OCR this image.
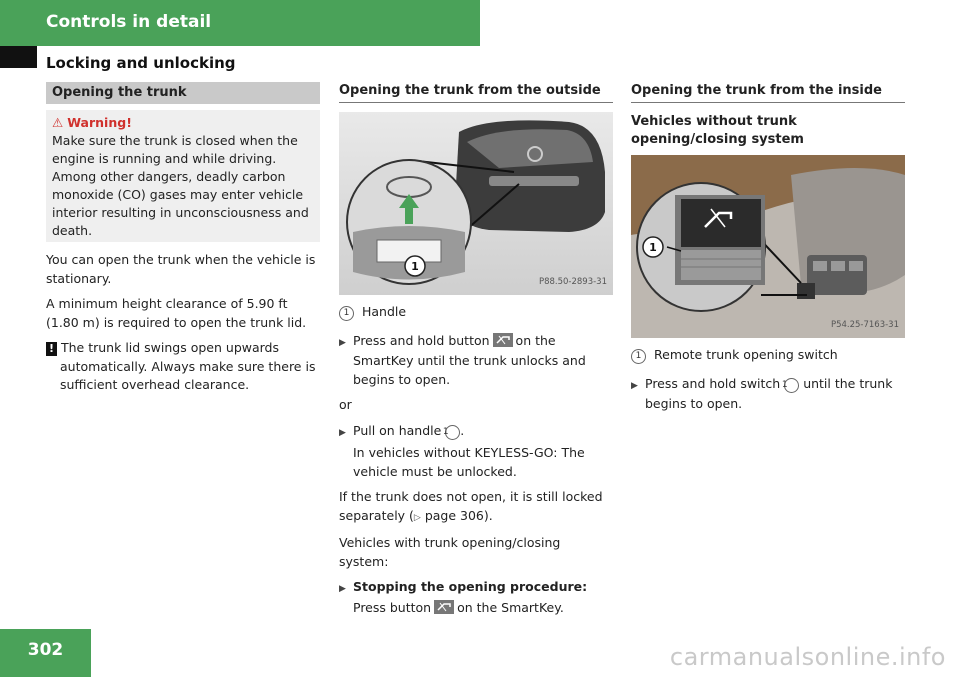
Controls in detail
Locking and unlocking
Opening the trunk
⚠ Warning!
Make sure the trunk is closed when the engine is running and while driving. Among other dangers, deadly carbon monoxide (CO) gases may enter vehicle interior resulting in unconsciousness and death.

You can open the trunk when the vehicle is stationary.

A minimum height clearance of 5.90 ft (1.80 m) is required to open the trunk lid.

! The trunk lid swings open upwards automatically. Always make sure there is sufficient overhead clearance.

Opening the trunk from the outside
1
P88.50-2893-31
1 Handle

▶ Press and hold button on the SmartKey until the trunk unlocks and begins to open.

or

▶ Pull on handle 1 .

In vehicles without KEYLESS-GO: The vehicle must be unlocked.

If the trunk does not open, it is still locked separately (▷ page 306).

Vehicles with trunk opening/closing system:

▶ Stopping the opening procedure: Press button on the SmartKey.

Opening the trunk from the inside
Vehicles without trunk opening/closing system
1
P54.25-7163-31
1 Remote trunk opening switch

▶ Press and hold switch 1 until the trunk begins to open.

302	carmanualsonline.info
